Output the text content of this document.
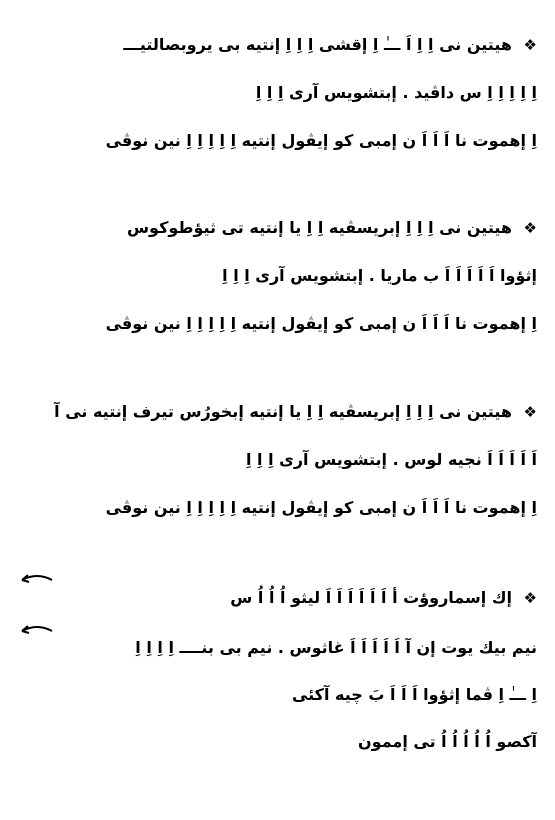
❖ هيتين نى اِ اِ اَ ـــٰ اِ إقشى اِ اِ اِ إنتيه بى يروبصالتيـــ
اِ اِ اِ اِ اِ س داڤيد . إبتشويس آرى اِ اِ اِ
اِ إهموت نا اَ اَ اَ ن إمبى كو إيڤول إنتيه اِ اِ اِ اِ اِ نين نوڤى
❖ هيتين نى اِ اِ اِ إبريسڤيه اِ اِ يا إنتيه تى ثيؤطوكوس
إثؤوا اَ اَ اَ اَ اَ ب ماريا . إبتشويس آرى اِ اِ اِ
اِ إهموت نا اَ اَ اَ ن إمبى كو إيڤول إنتيه اِ اِ اِ اِ اِ نين نوڤى
❖ هيتين نى اِ اِ اِ إبريسڤيه اِ اِ يا إنتيه إبخورُس تيرف إنتيه نى آ
اَ اَ اَ اَ اَ نجيه لوس . إبتشويس آرى اِ اِ اِ
اِ إهموت نا اَ اَ اَ ن إمبى كو إيڤول إنتيه اِ اِ اِ اِ اِ نين نوڤى
❖ إك إسماروؤت أ اَ اَ اَ اَ اَ اَ ليثو اُ اُ اُ س
نيم بيك يوت إن آ اَ اَ اَ اَ اَ غاثوس . نيم بى بنــــ اِ اِ اِ اِ
اِ ـــٰ اِ ڤما إثؤوا اَ اَ اَ بَ چيه آكئى
آكصو اُ اُ اُ اُ اُ تى إممون
